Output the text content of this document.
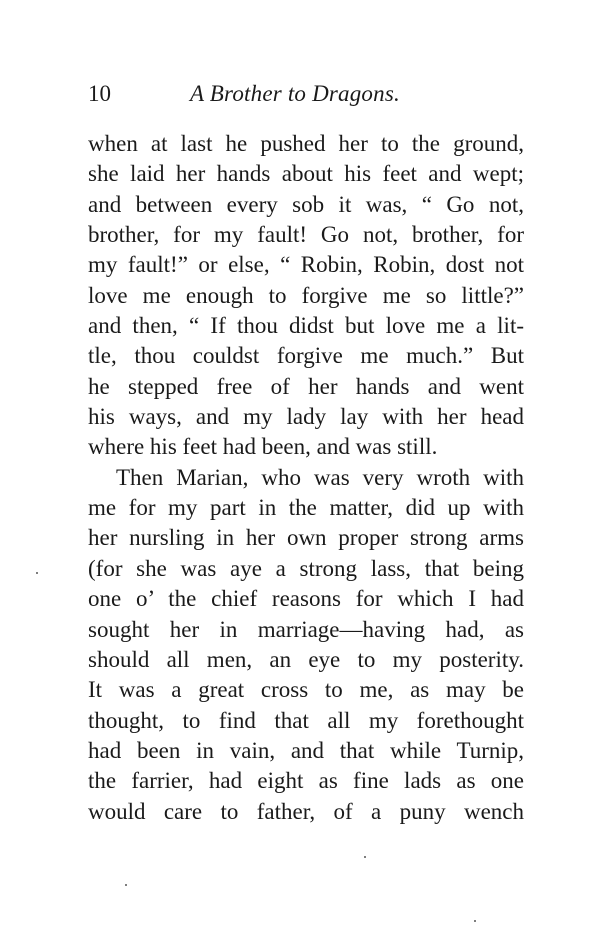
10	A Brother to Dragons.
when at last he pushed her to the ground,
she laid her hands about his feet and wept;
and between every sob it was, “ Go not,
brother, for my fault! Go not, brother, for
my fault!” or else, “ Robin, Robin, dost not
love me enough to forgive me so little?”
and then, “ If thou didst but love me a lit-
tle, thou couldst forgive me much.” But
he stepped free of her hands and went
his ways, and my lady lay with her head
where his feet had been, and was still.
Then Marian, who was very wroth with
me for my part in the matter, did up with
her nursling in her own proper strong arms
(for she was aye a strong lass, that being
one o’ the chief reasons for which I had
sought her in marriage—having had, as
should all men, an eye to my posterity.
It was a great cross to me, as may be
thought, to find that all my forethought
had been in vain, and that while Turnip,
the farrier, had eight as fine lads as one
would care to father, of a puny wench
